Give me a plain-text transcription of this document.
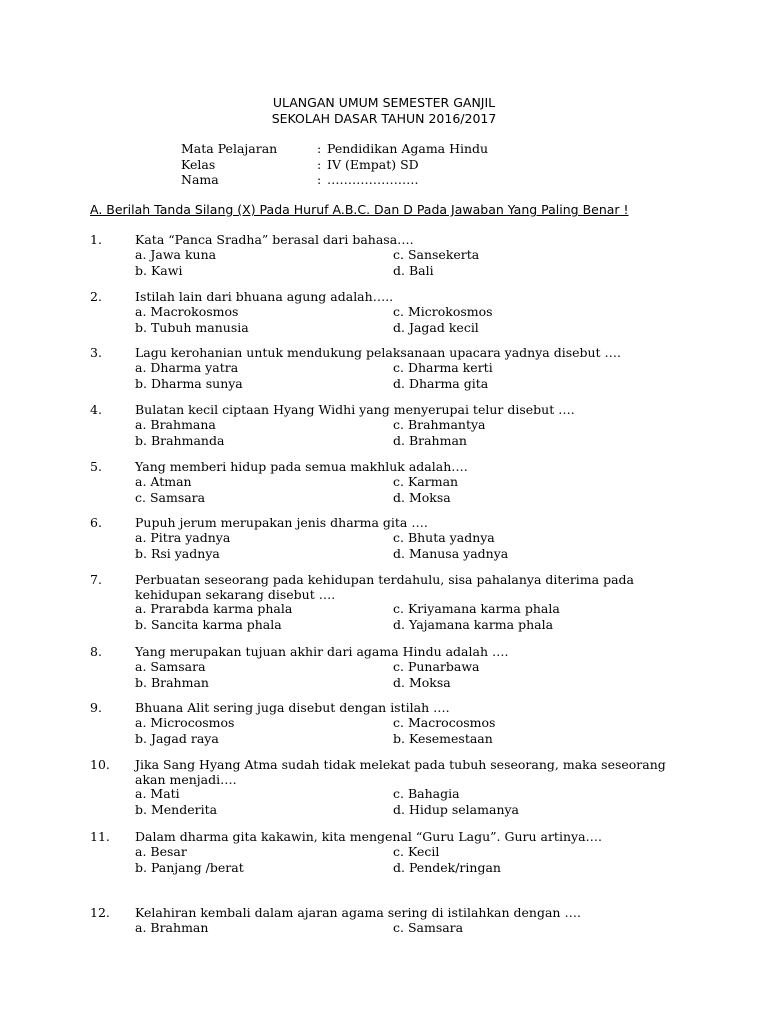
ULANGAN UMUM SEMESTER GANJIL
SEKOLAH DASAR TAHUN 2016/2017
Mata Pelajaran	: Pendidikan Agama Hindu
Kelas	: IV (Empat) SD
Nama	: ………………….
A. Berilah Tanda Silang (X) Pada Huruf A.B.C. Dan D Pada Jawaban Yang Paling Benar !
1.	Kata “Panca Sradha” berasal dari bahasa….
a. Jawa kuna	c. Sansekerta
b. Kawi	d. Bali
2.	Istilah lain dari bhuana agung adalah…..
a. Macrokosmos	c. Microkosmos
b. Tubuh manusia	d. Jagad kecil
3.	Lagu kerohanian untuk mendukung pelaksanaan upacara yadnya disebut ….
a. Dharma yatra	c. Dharma kerti
b. Dharma sunya	d. Dharma gita
4.	Bulatan kecil ciptaan Hyang Widhi yang menyerupai telur disebut ….
a. Brahmana	c. Brahmantya
b. Brahmanda	d. Brahman
5.	Yang memberi hidup pada semua makhluk adalah….
a. Atman	c. Karman
c. Samsara	d. Moksa
6.	Pupuh jerum merupakan jenis dharma gita ….
a. Pitra yadnya	c. Bhuta yadnya
b. Rsi yadnya	d. Manusa yadnya
7.	Perbuatan seseorang pada kehidupan terdahulu, sisa pahalanya diterima pada kehidupan sekarang disebut ….
a. Prarabda karma phala	c. Kriyamana karma phala
b. Sancita karma phala	d. Yajamana karma phala
8.	Yang merupakan tujuan akhir dari agama Hindu adalah ….
a. Samsara	c. Punarbawa
b. Brahman	d. Moksa
9.	Bhuana Alit sering juga disebut dengan istilah ….
a. Microcosmos	c. Macrocosmos
b. Jagad raya	b. Kesemestaan
10. Jika Sang Hyang Atma sudah tidak melekat pada tubuh seseorang, maka seseorang akan menjadi….
a. Mati	c. Bahagia
b. Menderita	d. Hidup selamanya
11. Dalam dharma gita kakawin, kita mengenal “Guru Lagu”. Guru artinya….
a. Besar	c. Kecil
b. Panjang /berat	d. Pendek/ringan
12. Kelahiran kembali dalam ajaran agama sering di istilahkan dengan ….
a. Brahman	c. Samsara
